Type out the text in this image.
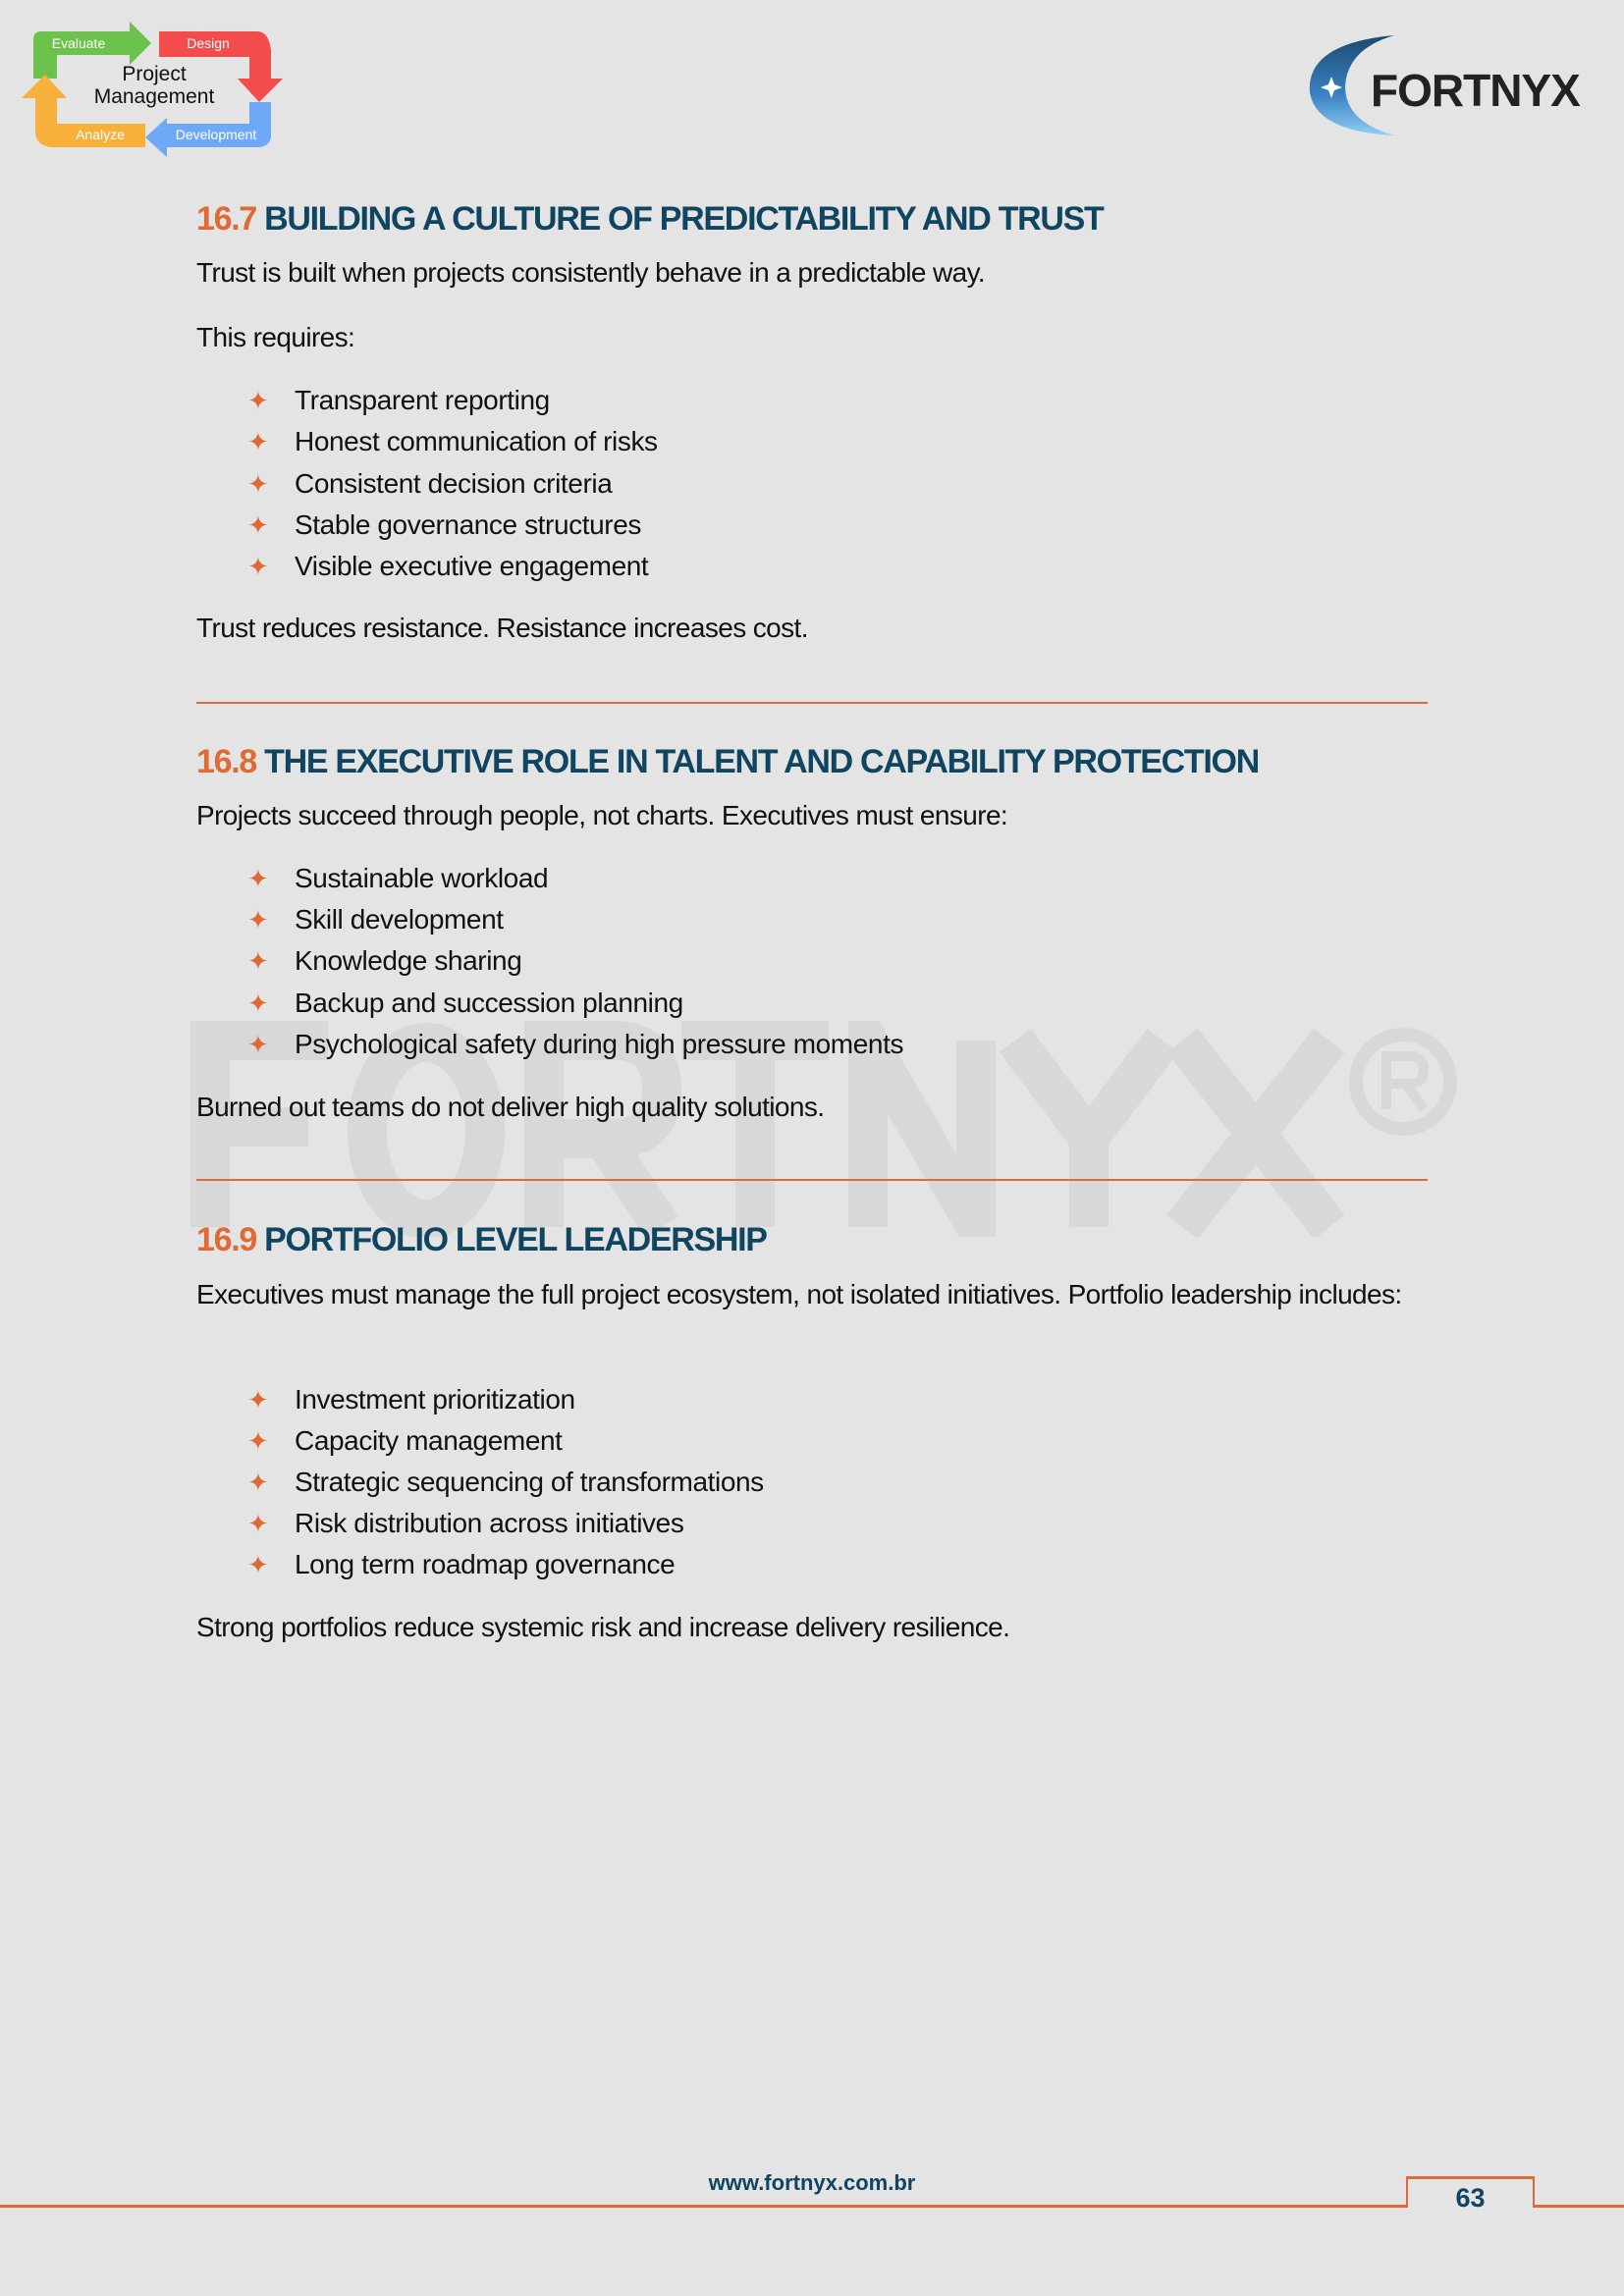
Evaluate	Design
Development
Analyze
Project
Management	FORTNYX
16.7 BUILDING A CULTURE OF PREDICTABILITY AND TRUST
Trust is built when projects consistently behave in a predictable way.
This requires:
✦ Transparent reporting
✦ Honest communication of risks
✦ Consistent decision criteria
✦ Stable governance structures
✦ Visible executive engagement
Trust reduces resistance. Resistance increases cost.
16.8 THE EXECUTIVE ROLE IN TALENT AND CAPABILITY PROTECTION
Projects succeed through people, not charts. Executives must ensure:
✦ Sustainable workload
✦ Skill development
✦ Knowledge sharing
✦ Backup and succession planning
✦ Psychological safety during high pressure moments
Burned out teams do not deliver high quality solutions.
16.9 PORTFOLIO LEVEL LEADERSHIP
Executives must manage the full project ecosystem, not isolated initiatives. Portfolio leadership includes:
✦ Investment prioritization
✦ Capacity management
✦ Strategic sequencing of transformations
✦ Risk distribution across initiatives
✦ Long term roadmap governance
Strong portfolios reduce systemic risk and increase delivery resilience.
www.fortnyx.com.br
63
